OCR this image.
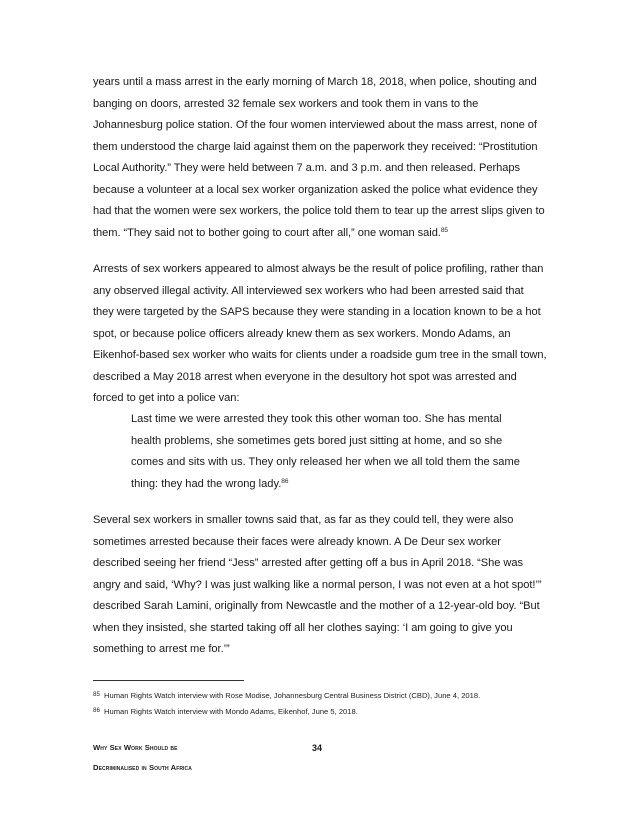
years until a mass arrest in the early morning of March 18, 2018, when police, shouting and banging on doors, arrested 32 female sex workers and took them in vans to the Johannesburg police station. Of the four women interviewed about the mass arrest, none of them understood the charge laid against them on the paperwork they received: “Prostitution Local Authority.” They were held between 7 a.m. and 3 p.m. and then released. Perhaps because a volunteer at a local sex worker organization asked the police what evidence they had that the women were sex workers, the police told them to tear up the arrest slips given to them. “They said not to bother going to court after all,” one woman said.$^{85}$

Arrests of sex workers appeared to almost always be the result of police profiling, rather than any observed illegal activity. All interviewed sex workers who had been arrested said that they were targeted by the SAPS because they were standing in a location known to be a hot spot, or because police officers already knew them as sex workers. Mondo Adams, an Eikenhof-based sex worker who waits for clients under a roadside gum tree in the small town, described a May 2018 arrest when everyone in the desultory hot spot was arrested and forced to get into a police van:

Last time we were arrested they took this other woman too. She has mental health problems, she sometimes gets bored just sitting at home, and so she comes and sits with us. They only released her when we all told them the same thing: they had the wrong lady.$^{86}$

Several sex workers in smaller towns said that, as far as they could tell, they were also sometimes arrested because their faces were already known. A De Deur sex worker described seeing her friend “Jess” arrested after getting off a bus in April 2018. “She was angry and said, ‘Why? I was just walking like a normal person, I was not even at a hot spot!’” described Sarah Lamini, originally from Newcastle and the mother of a 12-year-old boy. “But when they insisted, she started taking off all her clothes saying: ‘I am going to give you something to arrest me for.’”

$^{85}$ Human Rights Watch interview with Rose Modise, Johannesburg Central Business District (CBD), June 4, 2018.

$^{86}$ Human Rights Watch interview with Mondo Adams, Eikenhof, June 5, 2018.

Why Sex Work Should be
Decriminalised in South Africa
34
